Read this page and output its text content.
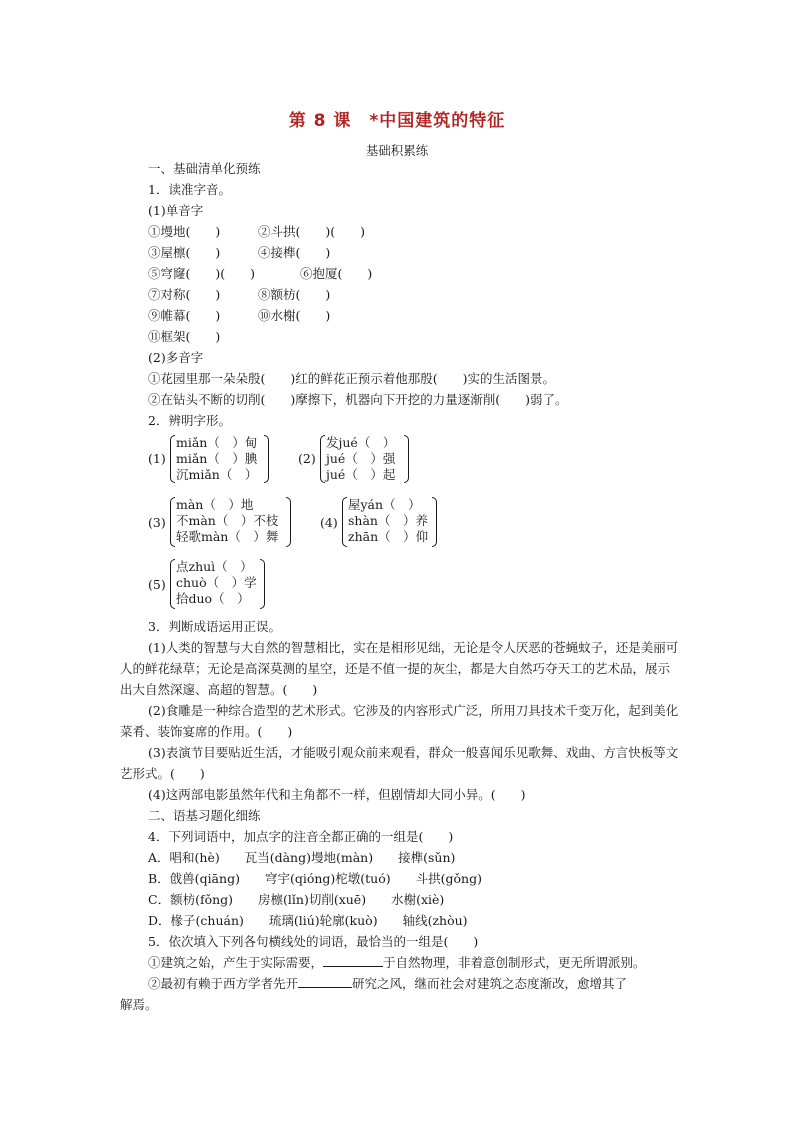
第 8 课　*中国建筑的特征
基础积累练
一、基础清单化预练
1．读准字音。
(1)单音字
①墁地(　　)	②斗拱(　　)(　　)
③屋檩(　　)	④接榫(　　)
⑤穹窿(　　)(　　)	⑥抱厦(　　)
⑦对称(　　)	⑧额枋(　　)
⑨帷幕(　　)	⑩水榭(　　)
⑪框架(　　)
(2)多音字
①花园里那一朵朵殷(　　)红的鲜花正预示着他那殷(　　)实的生活图景。
②在钻头不断的切削(　　)摩擦下，机器向下开挖的力量逐渐削(　　)弱了。
2．辨明字形。
(1)
miǎn（　）甸
miǎn（　）腆
沉miǎn（　）
(2)
发jué（　）
jué（　）强
jué（　）起
(3)
màn（　）地
不màn（　）不枝
轻歌màn（　）舞
(4)
屋yán（　）
shàn（　）养
zhān（　）仰
(5)
点zhuì（　）
chuò（　）学
拾duo（　）
3．判断成语运用正误。
(1)人类的智慧与大自然的智慧相比，实在是相形见绌，无论是令人厌恶的苍蝇蚊子，还是美丽可人的鲜花绿草；无论是高深莫测的星空，还是不值一提的灰尘，都是大自然巧夺天工的艺术品，展示出大自然深邃、高超的智慧。(　　)
(2)食雕是一种综合造型的艺术形式。它涉及的内容形式广泛，所用刀具技术千变万化，起到美化菜肴、装饰宴席的作用。(　　)
(3)表演节目要贴近生活，才能吸引观众前来观看，群众一般喜闻乐见歌舞、戏曲、方言快板等文艺形式。(　　)
(4)这两部电影虽然年代和主角都不一样，但剧情却大同小异。(　　)
二、语基习题化细练
4．下列词语中，加点字的注音全都正确的一组是(　　)
A．唱和(hè)　　瓦当(dàng)墁地(màn)　　接榫(sǔn)
B．戗兽(qiāng)　　穹宇(qióng)柁墩(tuó)　　斗拱(gǒng)
C．额枋(fǒng)　　房檩(lǐn)切削(xuē)　　水榭(xiè)
D．椽子(chuán)　　琉璃(liú)轮廓(kuò)　　轴线(zhòu)
5．依次填入下列各句横线处的词语，最恰当的一组是(　　)
①建筑之始，产生于实际需要，	于自然物理，非着意创制形式，更无所谓派别。
②最初有赖于西方学者先开	研究之风，继而社会对建筑之态度渐改，愈增其了
解焉。
